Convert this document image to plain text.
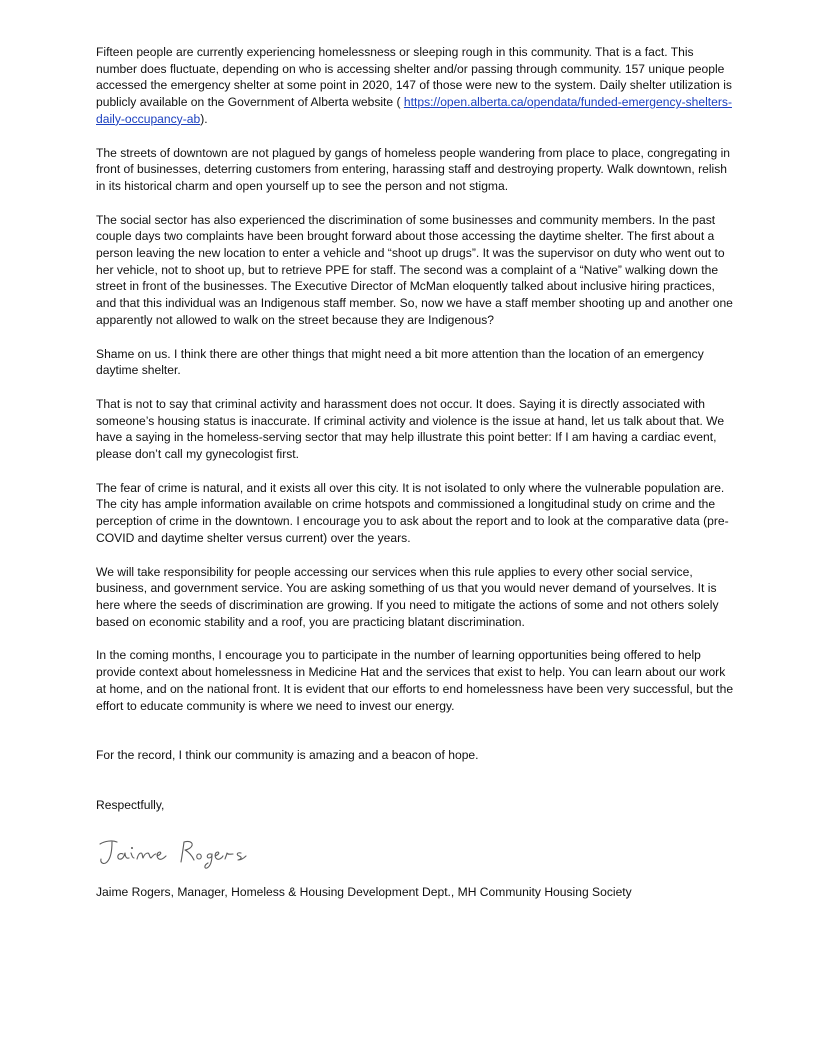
Fifteen people are currently experiencing homelessness or sleeping rough in this community. That is a fact. This number does fluctuate, depending on who is accessing shelter and/or passing through community. 157 unique people accessed the emergency shelter at some point in 2020, 147 of those were new to the system. Daily shelter utilization is publicly available on the Government of Alberta website ( https://open.alberta.ca/opendata/funded-emergency-shelters-daily-occupancy-ab).

The streets of downtown are not plagued by gangs of homeless people wandering from place to place, congregating in front of businesses, deterring customers from entering, harassing staff and destroying property. Walk downtown, relish in its historical charm and open yourself up to see the person and not stigma.

The social sector has also experienced the discrimination of some businesses and community members. In the past couple days two complaints have been brought forward about those accessing the daytime shelter. The first about a person leaving the new location to enter a vehicle and “shoot up drugs”. It was the supervisor on duty who went out to her vehicle, not to shoot up, but to retrieve PPE for staff. The second was a complaint of a “Native” walking down the street in front of the businesses. The Executive Director of McMan eloquently talked about inclusive hiring practices, and that this individual was an Indigenous staff member. So, now we have a staff member shooting up and another one apparently not allowed to walk on the street because they are Indigenous?

Shame on us. I think there are other things that might need a bit more attention than the location of an emergency daytime shelter.

That is not to say that criminal activity and harassment does not occur. It does. Saying it is directly associated with someone’s housing status is inaccurate. If criminal activity and violence is the issue at hand, let us talk about that. We have a saying in the homeless-serving sector that may help illustrate this point better: If I am having a cardiac event, please don’t call my gynecologist first.

The fear of crime is natural, and it exists all over this city. It is not isolated to only where the vulnerable population are. The city has ample information available on crime hotspots and commissioned a longitudinal study on crime and the perception of crime in the downtown. I encourage you to ask about the report and to look at the comparative data (pre-COVID and daytime shelter versus current) over the years.

We will take responsibility for people accessing our services when this rule applies to every other social service, business, and government service. You are asking something of us that you would never demand of yourselves. It is here where the seeds of discrimination are growing. If you need to mitigate the actions of some and not others solely based on economic stability and a roof, you are practicing blatant discrimination.

In the coming months, I encourage you to participate in the number of learning opportunities being offered to help provide context about homelessness in Medicine Hat and the services that exist to help. You can learn about our work at home, and on the national front. It is evident that our efforts to end homelessness have been very successful, but the effort to educate community is where we need to invest our energy.

For the record, I think our community is amazing and a beacon of hope.

Respectfully,

Jaime Rogers, Manager, Homeless & Housing Development Dept., MH Community Housing Society
